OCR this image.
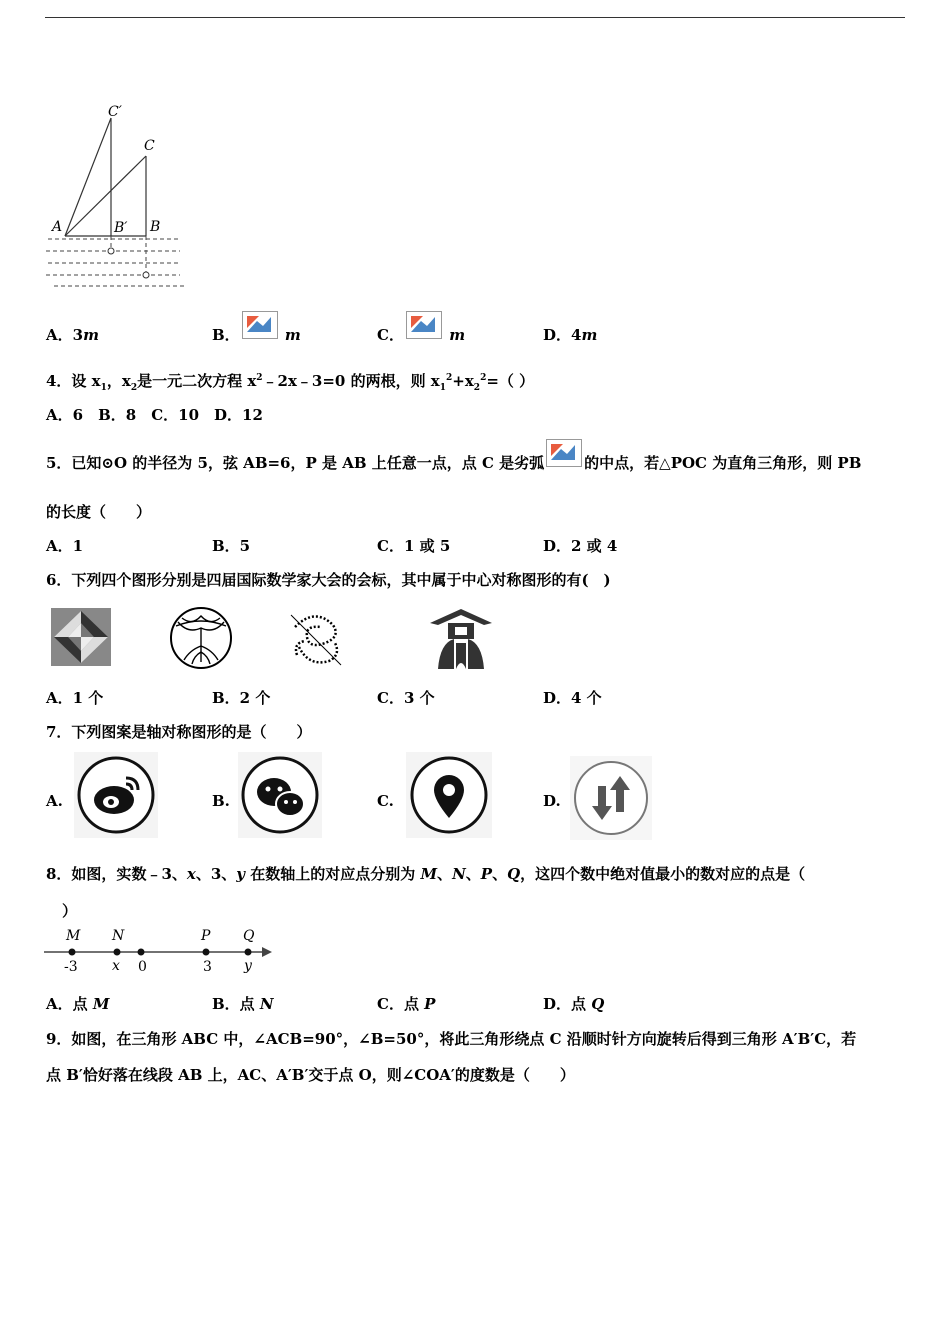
C′
C
A	B′ B
A．3m	B．	m	C．	m	D．4m
4．设 $x_1$，$x_2$是一元二次方程 $x^2﹣2x﹣3=0$ 的两根，则 $x_1^2+x_2^2=$（ ）
A．6　B．8　C．10　D．12
5．已知⊙O 的半径为 5，弦 AB=6，P 是 AB 上任意一点，点 C 是劣弧	的中点，若△POC 为直角三角形，则 PB
的长度（　　）
A．1	B．5	C．1 或 5	D．2 或 4
6．下列四个图形分别是四届国际数学家大会的会标，其中属于中心对称图形的有(　)
A．1 个	B．2 个	C．3 个	D．4 个
7．下列图案是轴对称图形的是（　　）
A.	B.	C.	D.
8．如图，实数﹣3、x、3、y 在数轴上的对应点分别为 M、N、P、Q，这四个数中绝对值最小的数对应的点是（
）
M N	P Q
-3 x 0	3 y
A．点 M	B．点 N	C．点 P	D．点 Q
9．如图，在三角形 ABC 中，∠ACB=90°，∠B=50°，将此三角形绕点 C 沿顺时针方向旋转后得到三角形 A′B′C，若
点 B′恰好落在线段 AB 上，AC、A′B′交于点 O，则∠COA′的度数是（　　）
